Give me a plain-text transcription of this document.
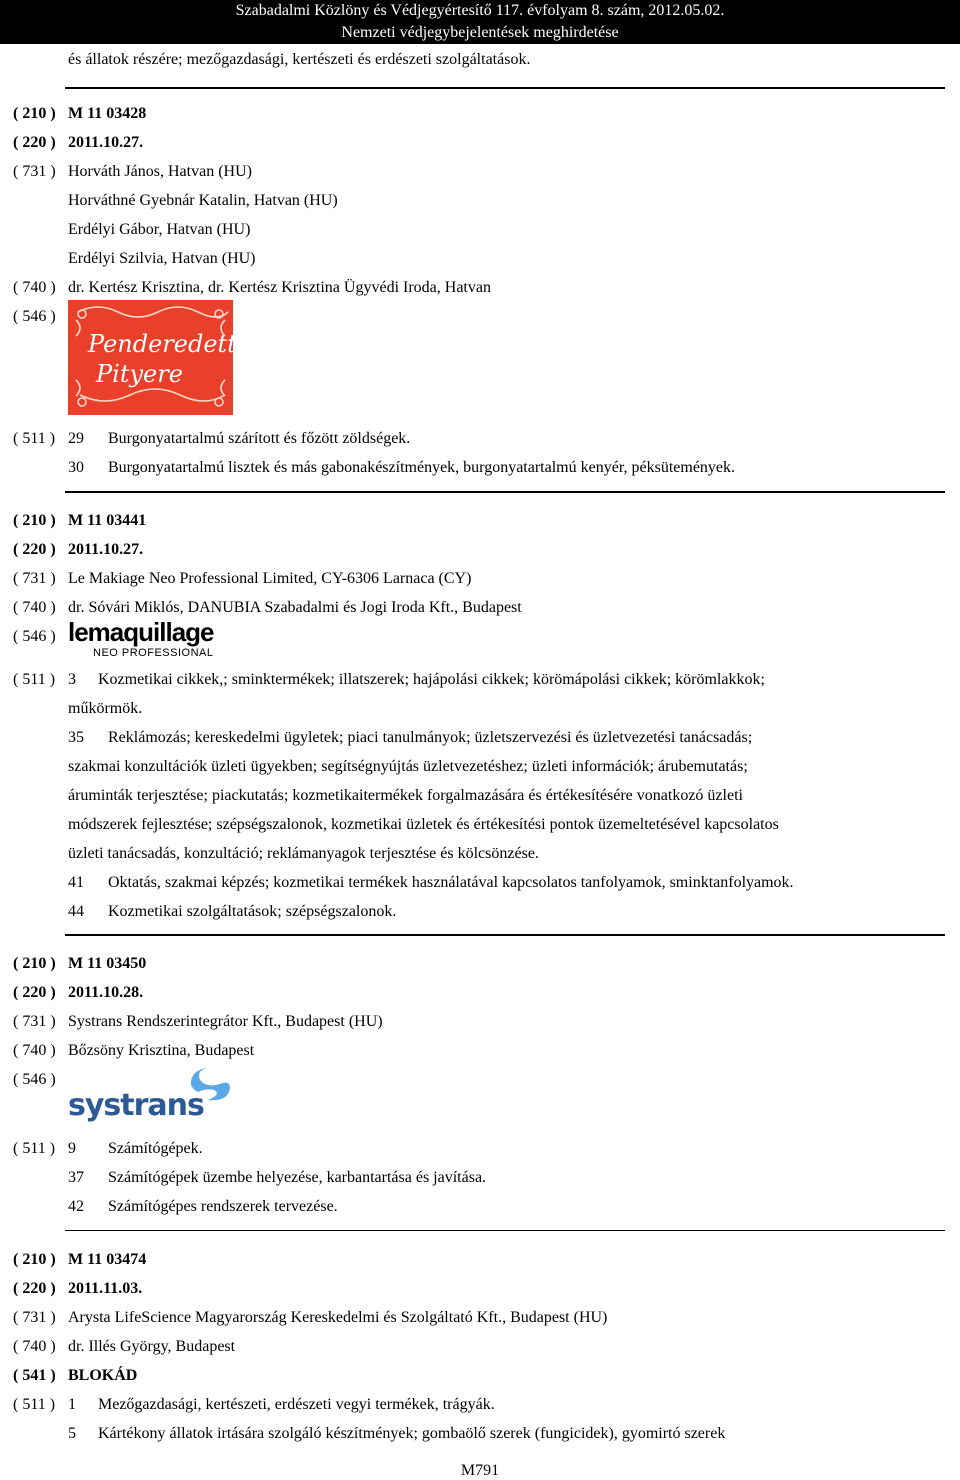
Szabadalmi Közlöny és Védjegyértesítő 117. évfolyam 8. szám, 2012.05.02.
Nemzeti védjegybejelentések meghirdetése
és állatok részére; mezőgazdasági, kertészeti és erdészeti szolgáltatások.
( 210 ) M 11 03428
( 220 ) 2011.10.27.
( 731 ) Horváth János, Hatvan (HU)
Horváthné Gyebnár Katalin, Hatvan (HU)
Erdélyi Gábor, Hatvan (HU)
Erdélyi Szilvia, Hatvan (HU)
( 740 ) dr. Kertész Krisztina, dr. Kertész Krisztina Ügyvédi Iroda, Hatvan
( 546 )
Penderedett
Pityere
( 511 ) 29 Burgonyatartalmú szárított és főzött zöldségek.
30 Burgonyatartalmú lisztek és más gabonakészítmények, burgonyatartalmú kenyér, péksütemények.
( 210 ) M 11 03441
( 220 ) 2011.10.27.
( 731 ) Le Makiage Neo Professional Limited, CY-6306 Larnaca (CY)
( 740 ) dr. Sóvári Miklós, DANUBIA Szabadalmi és Jogi Iroda Kft., Budapest
( 546 ) lemaquillage
NEO PROFESSIONAL
( 511 ) 3 Kozmetikai cikkek,; sminktermékek; illatszerek; hajápolási cikkek; körömápolási cikkek; körömlakkok;
műkörmök.
35 Reklámozás; kereskedelmi ügyletek; piaci tanulmányok; üzletszervezési és üzletvezetési tanácsadás;
szakmai konzultációk üzleti ügyekben; segítségnyújtás üzletvezetéshez; üzleti információk; árubemutatás;
áruminták terjesztése; piackutatás; kozmetikaitermékek forgalmazására és értékesítésére vonatkozó üzleti
módszerek fejlesztése; szépségszalonok, kozmetikai üzletek és értékesítési pontok üzemeltetésével kapcsolatos
üzleti tanácsadás, konzultáció; reklámanyagok terjesztése és kölcsönzése.
41 Oktatás, szakmai képzés; kozmetikai termékek használatával kapcsolatos tanfolyamok, sminktanfolyamok.
44 Kozmetikai szolgáltatások; szépségszalonok.
( 210 ) M 11 03450
( 220 ) 2011.10.28.
( 731 ) Systrans Rendszerintegrátor Kft., Budapest (HU)
( 740 ) Bőzsöny Krisztina, Budapest
( 546 )
systrans
( 511 ) 9 Számítógépek.
37 Számítógépek üzembe helyezése, karbantartása és javítása.
42 Számítógépes rendszerek tervezése.
( 210 ) M 11 03474
( 220 ) 2011.11.03.
( 731 ) Arysta LifeScience Magyarország Kereskedelmi és Szolgáltató Kft., Budapest (HU)
( 740 ) dr. Illés György, Budapest
( 541 ) BLOKÁD
( 511 ) 1 Mezőgazdasági, kertészeti, erdészeti vegyi termékek, trágyák.
5 Kártékony állatok irtására szolgáló készítmények; gombaölő szerek (fungicidek), gyomirtó szerek
M791
